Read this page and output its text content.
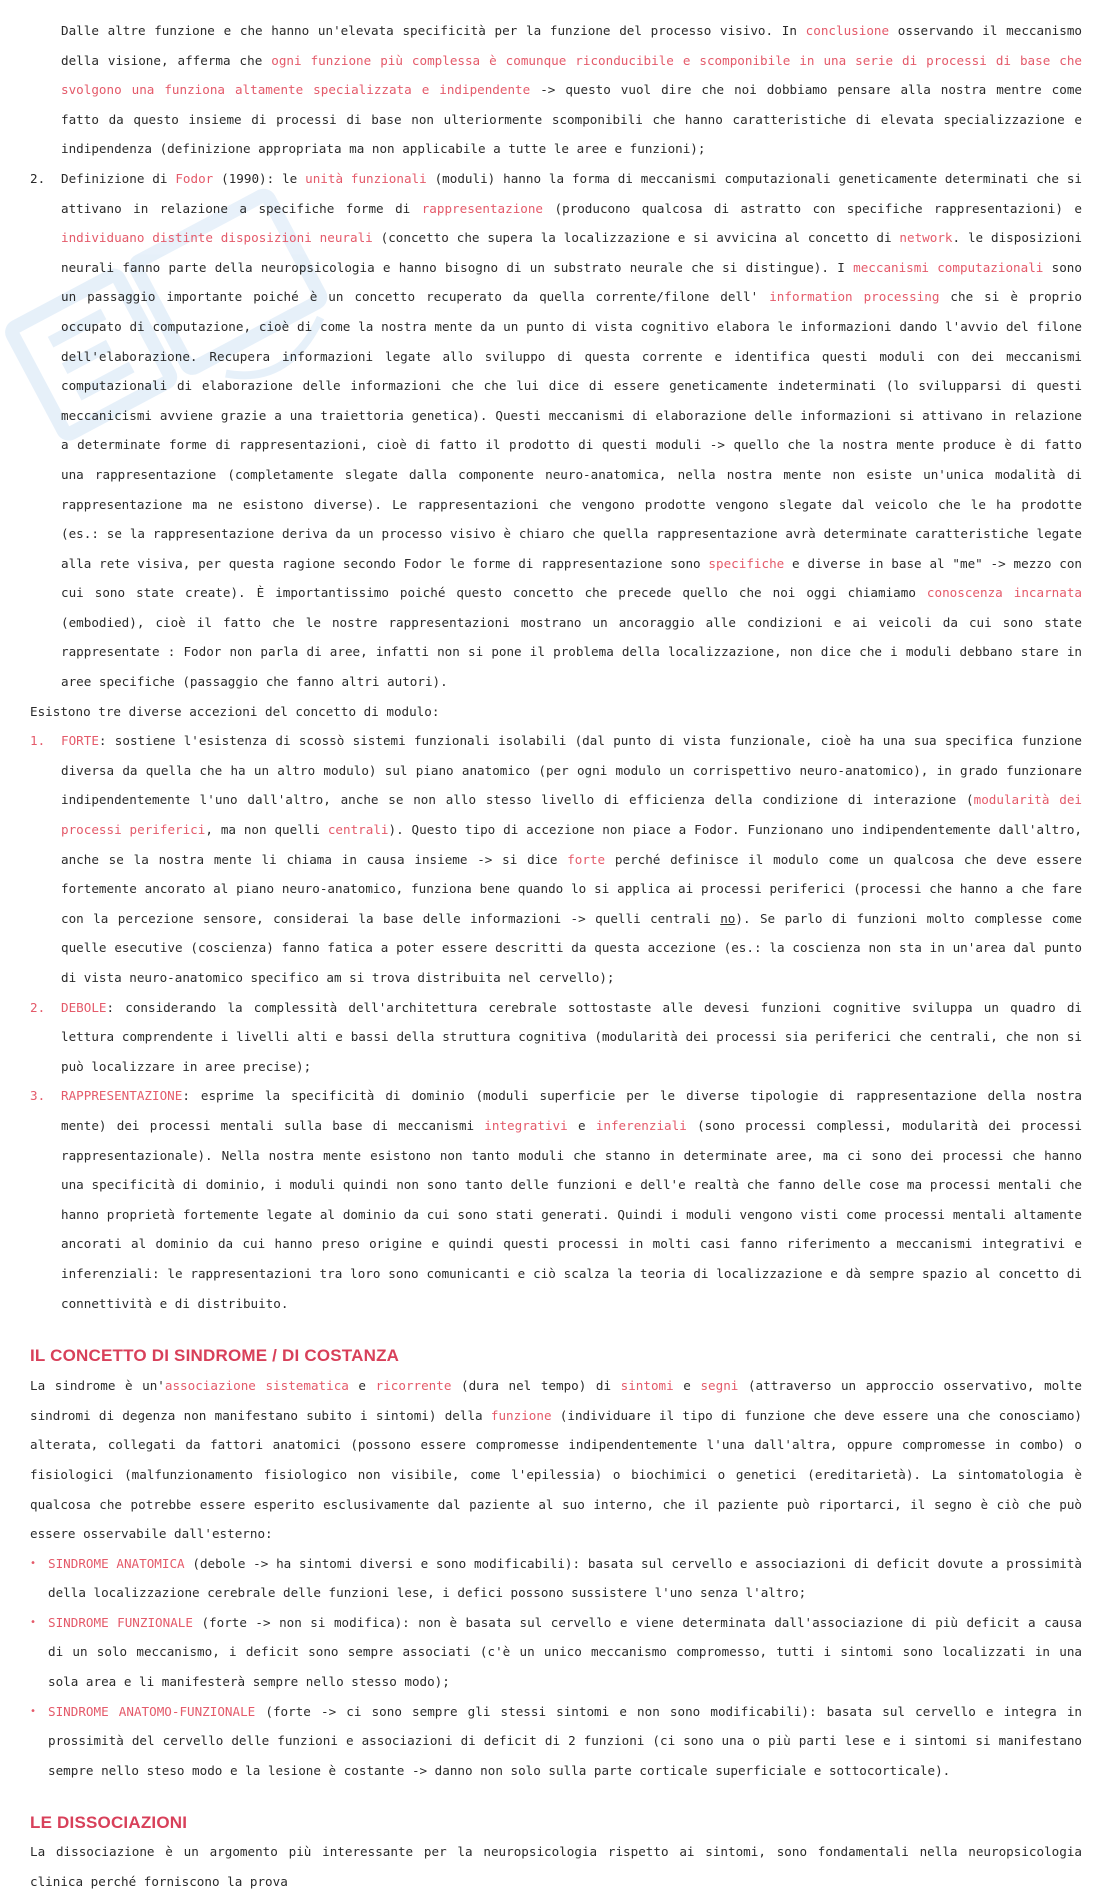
Dalle altre funzione e che hanno un'elevata specificità per la funzione del processo visivo. In conclusione osservando il meccanismo della visione, afferma che ogni funzione più complessa è comunque riconducibile e scomponibile in una serie di processi di base che svolgono una funziona altamente specializzata e indipendente -> questo vuol dire che noi dobbiamo pensare alla nostra mentre come fatto da questo insieme di processi di base non ulteriormente scomponibili che hanno caratteristiche di elevata specializzazione e indipendenza (definizione appropriata ma non applicabile a tutte le aree e funzioni);

2. Definizione di Fodor (1990): le unità funzionali (moduli) hanno la forma di meccanismi computazionali geneticamente determinati che si attivano in relazione a specifiche forme di rappresentazione (producono qualcosa di astratto con specifiche rappresentazioni) e individuano distinte disposizioni neurali (concetto che supera la localizzazione e si avvicina al concetto di network. le disposizioni neurali fanno parte della neuropsicologia e hanno bisogno di un substrato neurale che si distingue). I meccanismi computazionali sono un passaggio importante poiché è un concetto recuperato da quella corrente/filone dell' information processing che si è proprio occupato di computazione, cioè di come la nostra mente da un punto di vista cognitivo elabora le informazioni dando l'avvio del filone dell'elaborazione. Recupera informazioni legate allo sviluppo di questa corrente e identifica questi moduli con dei meccanismi computazionali di elaborazione delle informazioni che che lui dice di essere geneticamente indeterminati (lo svilupparsi di questi meccanicismi avviene grazie a una traiettoria genetica). Questi meccanismi di elaborazione delle informazioni si attivano in relazione a determinate forme di rappresentazioni, cioè di fatto il prodotto di questi moduli -> quello che la nostra mente produce è di fatto una rappresentazione (completamente slegate dalla componente neuro-anatomica, nella nostra mente non esiste un'unica modalità di rappresentazione ma ne esistono diverse). Le rappresentazioni che vengono prodotte vengono slegate dal veicolo che le ha prodotte (es.: se la rappresentazione deriva da un processo visivo è chiaro che quella rappresentazione avrà determinate caratteristiche legate alla rete visiva, per questa ragione secondo Fodor le forme di rappresentazione sono specifiche e diverse in base al "me" -> mezzo con cui sono state create). È importantissimo poiché questo concetto che precede quello che noi oggi chiamiamo conoscenza incarnata (embodied), cioè il fatto che le nostre rappresentazioni mostrano un ancoraggio alle condizioni e ai veicoli da cui sono state rappresentate : Fodor non parla di aree, infatti non si pone il problema della localizzazione, non dice che i moduli debbano stare in aree specifiche (passaggio che fanno altri autori).

Esistono tre diverse accezioni del concetto di modulo:

1. FORTE: sostiene l'esistenza di scossò sistemi funzionali isolabili (dal punto di vista funzionale, cioè ha una sua specifica funzione diversa da quella che ha un altro modulo) sul piano anatomico (per ogni modulo un corrispettivo neuro-anatomico), in grado funzionare indipendentemente l'uno dall'altro, anche se non allo stesso livello di efficienza della condizione di interazione (modularità dei processi periferici, ma non quelli centrali). Questo tipo di accezione non piace a Fodor. Funzionano uno indipendentemente dall'altro, anche se la nostra mente li chiama in causa insieme -> si dice forte perché definisce il modulo come un qualcosa che deve essere fortemente ancorato al piano neuro-anatomico, funziona bene quando lo si applica ai processi periferici (processi che hanno a che fare con la percezione sensore, considerai la base delle informazioni -> quelli centrali no). Se parlo di funzioni molto complesse come quelle esecutive (coscienza) fanno fatica a poter essere descritti da questa accezione (es.: la coscienza non sta in un'area dal punto di vista neuro-anatomico specifico am si trova distribuita nel cervello);

2. DEBOLE: considerando la complessità dell'architettura cerebrale sottostaste alle devesi funzioni cognitive sviluppa un quadro di lettura comprendente i livelli alti e bassi della struttura cognitiva (modularità dei processi sia periferici che centrali, che non si può localizzare in aree precise);

3. RAPPRESENTAZIONE: esprime la specificità di dominio (moduli superficie per le diverse tipologie di rappresentazione della nostra mente) dei processi mentali sulla base di meccanismi integrativi e inferenziali (sono processi complessi, modularità dei processi rappresentazionale). Nella nostra mente esistono non tanto moduli che stanno in determinate aree, ma ci sono dei processi che hanno una specificità di dominio, i moduli quindi non sono tanto delle funzioni e dell'e realtà che fanno delle cose ma processi mentali che hanno proprietà fortemente legate al dominio da cui sono stati generati. Quindi i moduli vengono visti come processi mentali altamente ancorati al dominio da cui hanno preso origine e quindi questi processi in molti casi fanno riferimento a meccanismi integrativi e inferenziali: le rappresentazioni tra loro sono comunicanti e ciò scalza la teoria di localizzazione e dà sempre spazio al concetto di connettività e di distribuito.

IL CONCETTO DI SINDROME / DI COSTANZA

La sindrome è un'associazione sistematica e ricorrente (dura nel tempo) di sintomi e segni (attraverso un approccio osservativo, molte sindromi di degenza non manifestano subito i sintomi) della funzione (individuare il tipo di funzione che deve essere una che conosciamo) alterata, collegati da fattori anatomici (possono essere compromesse indipendentemente l'una dall'altra, oppure compromesse in combo) o fisiologici (malfunzionamento fisiologico non visibile, come l'epilessia) o biochimici o genetici (ereditarietà). La sintomatologia è qualcosa che potrebbe essere esperito esclusivamente dal paziente al suo interno, che il paziente può riportarci, il segno è ciò che può essere osservabile dall'esterno:

• SINDROME ANATOMICA (debole -> ha sintomi diversi e sono modificabili): basata sul cervello e associazioni di deficit dovute a prossimità della localizzazione cerebrale delle funzioni lese, i defici possono sussistere l'uno senza l'altro;

• SINDROME FUNZIONALE (forte -> non si modifica): non è basata sul cervello e viene determinata dall'associazione di più deficit a causa di un solo meccanismo, i deficit sono sempre associati (c'è un unico meccanismo compromesso, tutti i sintomi sono localizzati in una sola area e li manifesterà sempre nello stesso modo);

• SINDROME ANATOMO-FUNZIONALE (forte -> ci sono sempre gli stessi sintomi e non sono modificabili): basata sul cervello e integra in prossimità del cervello delle funzioni e associazioni di deficit di 2 funzioni (ci sono una o più parti lese e i sintomi si manifestano sempre nello steso modo e la lesione è costante -> danno non solo sulla parte corticale superficiale e sottocorticale).

LE DISSOCIAZIONI

La dissociazione è un argomento più interessante per la neuropsicologia rispetto ai sintomi, sono fondamentali nella neuropsicologia clinica perché forniscono la prova
